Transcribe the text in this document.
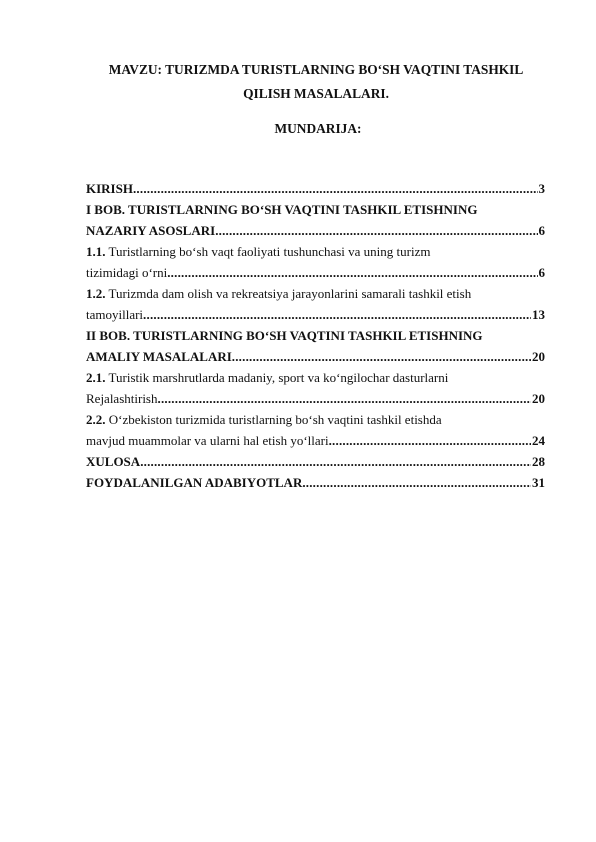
MAVZU: TURIZMDA TURISTLARNING BO‘SH VAQTINI TASHKIL
QILISH MASALALARI.
MUNDARIJA:
KIRISH .....	3
I BOB. TURISTLARNING BO‘SH VAQTINI TASHKIL ETISHNING
NAZARIY ASOSLARI .....	6
1.1. Turistlarning bo‘sh vaqt faoliyati tushunchasi va uning turizm
tizimidagi o‘rni .....	6
1.2. Turizmda dam olish va rekreatsiya jarayonlarini samarali tashkil etish
tamoyillari .....	13
II BOB. TURISTLARNING BO‘SH VAQTINI TASHKIL ETISHNING
AMALIY MASALALARI .....	20
2.1. Turistik marshrutlarda madaniy, sport va ko‘ngilochar dasturlarni
Rejalashtirish .....	20
2.2. O‘zbekiston turizmida turistlarning bo‘sh vaqtini tashkil etishda
mavjud muammolar va ularni hal etish yo‘llari .....	24
XULOSA .....	28
FOYDALANILGAN ADABIYOTLAR .....	31
